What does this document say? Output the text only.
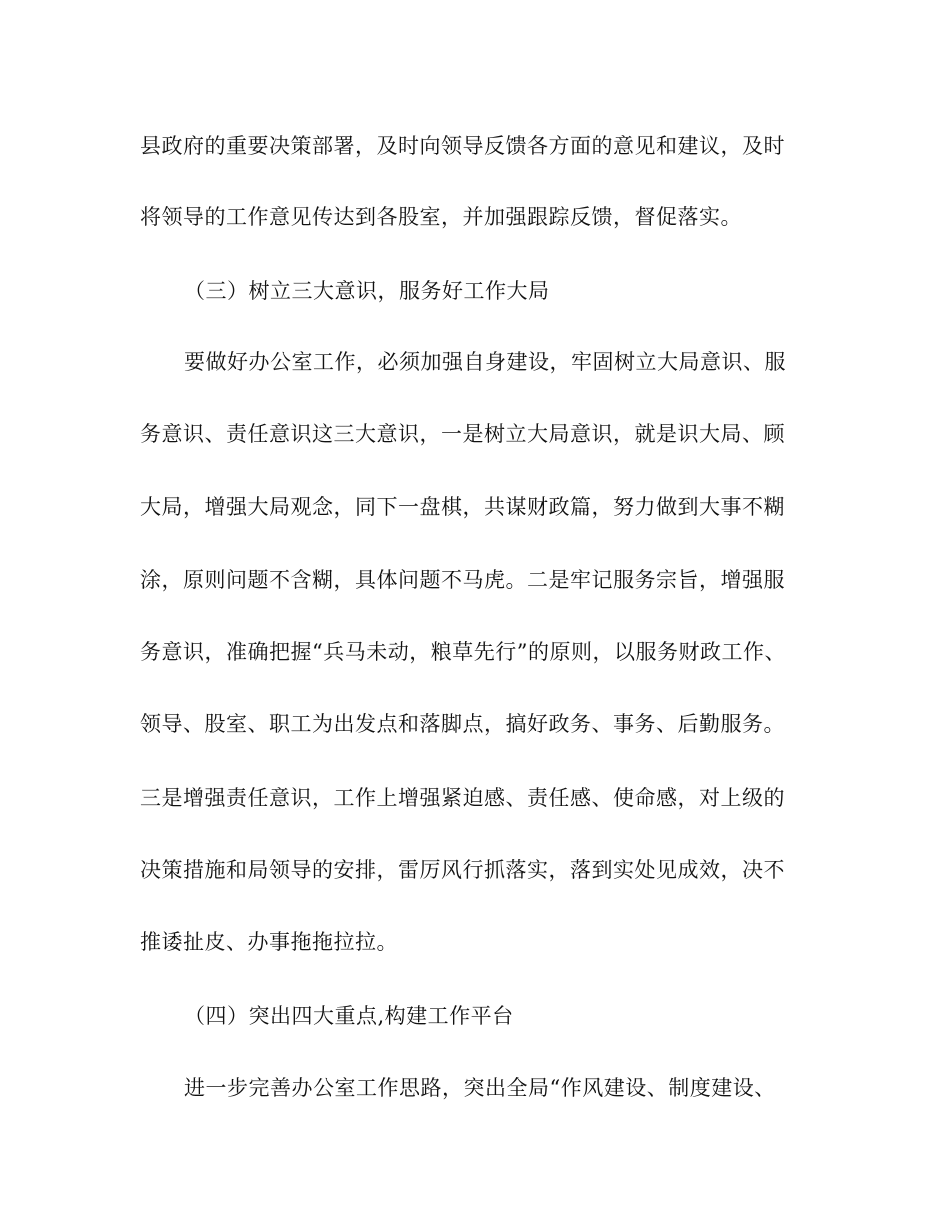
县政府的重要决策部署，及时向领导反馈各方面的意见和建议，及时
将领导的工作意见传达到各股室，并加强跟踪反馈，督促落实。
（三）树立三大意识，服务好工作大局
要做好办公室工作，必须加强自身建设，牢固树立大局意识、服
务意识、责任意识这三大意识，一是树立大局意识，就是识大局、顾
大局，增强大局观念，同下一盘棋，共谋财政篇，努力做到大事不糊
涂，原则问题不含糊，具体问题不马虎。二是牢记服务宗旨，增强服
务意识，准确把握“兵马未动，粮草先行”的原则，以服务财政工作、
领导、股室、职工为出发点和落脚点，搞好政务、事务、后勤服务。
三是增强责任意识，工作上增强紧迫感、责任感、使命感，对上级的
决策措施和局领导的安排，雷厉风行抓落实，落到实处见成效，决不
推诿扯皮、办事拖拖拉拉。
（四）突出四大重点,构建工作平台
进一步完善办公室工作思路，突出全局“作风建设、制度建设、
